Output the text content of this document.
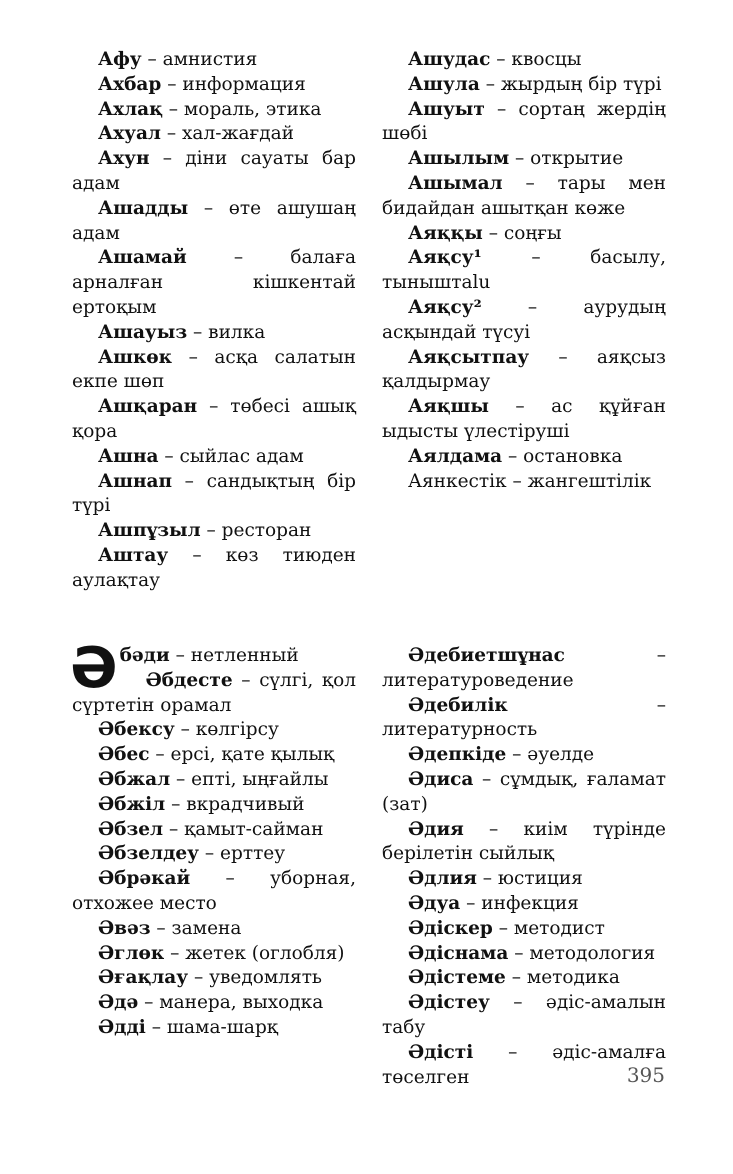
Афу – амнистия

Ахбар – информация

Ахлақ – мораль, этика

Ахуал – хал-жағдай

Ахун – діни сауаты бар адам

Ашадды – өте ашушаң адам

Ашамай – балаға арналған кішкентай ертоқым

Ашауыз – вилка

Ашкөк – асқа салатын екпе шөп

Ашқаран – төбесі ашық қора

Ашна – сыйлас адам

Ашнап – сандықтың бір түрі

Ашпұзыл – ресторан

Аштау – көз тиюден аулақтау

Ашудас – квосцы

Ашула – жырдың бір түрі

Ашуыт – сортаң жердің шөбі

Ашылым – открытие

Ашымал – тары мен бидайдан ашытқан көже

Аяққы – соңғы

Аяқсу¹ – басылу, тыныштalu

Аяқсу² – аурудың асқындай түсуі

Аяқсытпау – аяқсыз қалдырмау

Аяқшы – ас құйған ыдысты үлестіруші

Аялдама – остановка

Аянкестік – жангештілік

Ә бәди – нетленный

Әбдесте – сүлгі, қол сүртетін орамал

Әбексу – көлгірсу

Әбес – ерсі, қате қылық

Әбжал – епті, ыңғайлы

Әбжіл – вкрадчивый

Әбзел – қамыт-сайман

Әбзелдеу – ерттеу

Әбрәкай – уборная, отхожее место

Әвәз – замена

Әглөк – жетек (оглобля)

Әғақлау – уведомлять

Әдә – манера, выходка

Әдді – шама-шарқ

Әдебиетшұнас – литературоведение

Әдебилік – литературность

Әдепкіде – әуелде

Әдиса – сұмдық, ғаламат (зат)

Әдия – киім түрінде берілетін сыйлық

Әдлия – юстиция

Әдуа – инфекция

Әдіскер – методист

Әдіснама – методология

Әдістеме – методика

Әдістеу – әдіс-амалын табу

Әдісті – әдіс-амалға төселген	395
